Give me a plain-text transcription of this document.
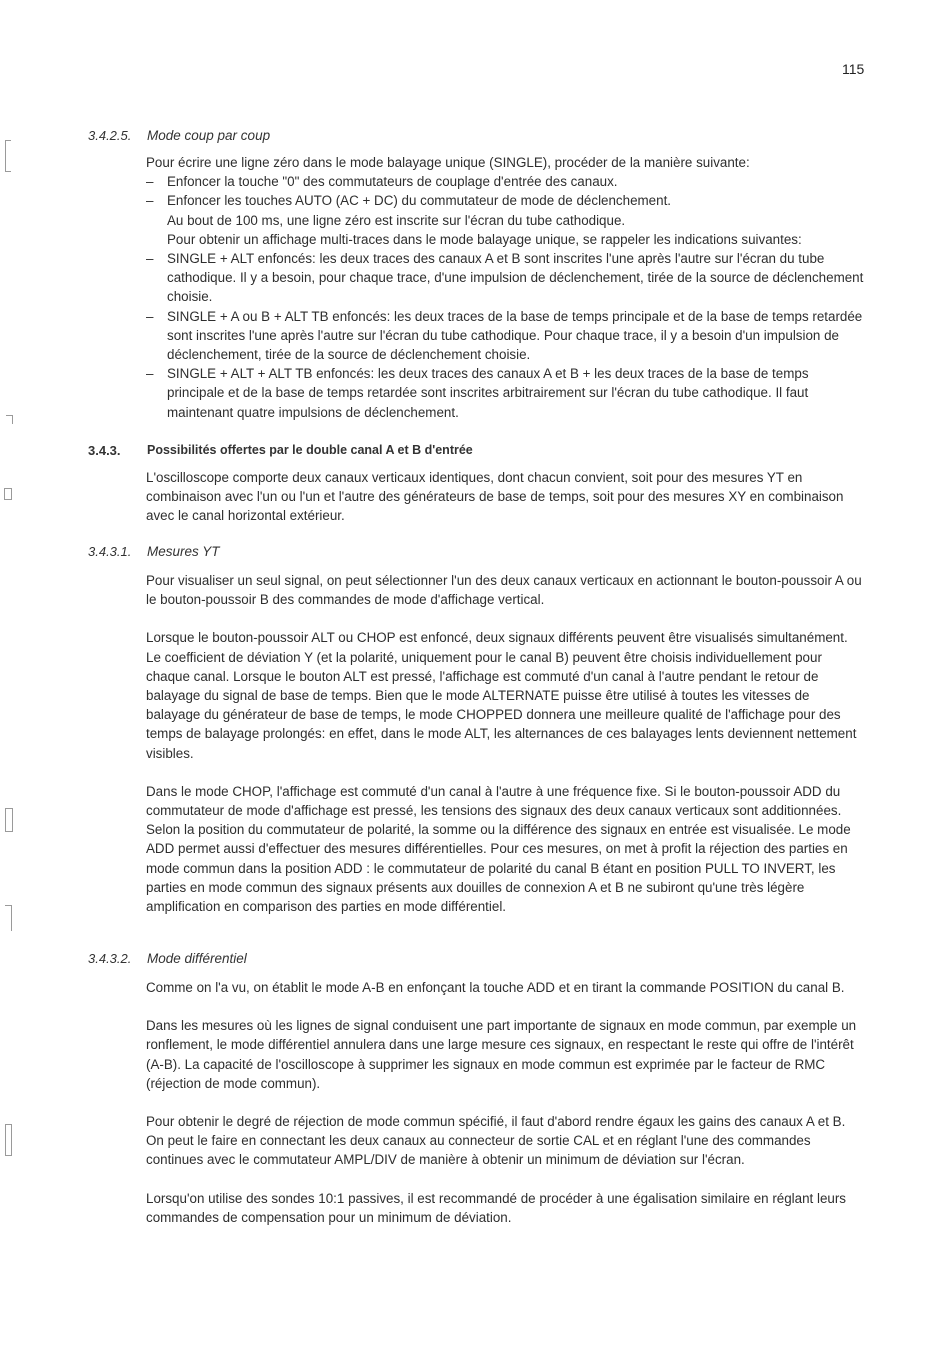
115
3.4.2.5. Mode coup par coup
Pour écrire une ligne zéro dans le mode balayage unique (SINGLE), procéder de la manière suivante:
– Enfoncer la touche "0" des commutateurs de couplage d'entrée des canaux.
– Enfoncer les touches AUTO (AC + DC) du commutateur de mode de déclenchement.
Au bout de 100 ms, une ligne zéro est inscrite sur l'écran du tube cathodique.
Pour obtenir un affichage multi-traces dans le mode balayage unique, se rappeler les indications suivantes:
– SINGLE + ALT enfoncés: les deux traces des canaux A et B sont inscrites l'une après l'autre sur l'écran du tube cathodique. Il y a besoin, pour chaque trace, d'une impulsion de déclenchement, tirée de la source de déclenchement choisie.
– SINGLE + A ou B + ALT TB enfoncés: les deux traces de la base de temps principale et de la base de temps retardée sont inscrites l'une après l'autre sur l'écran du tube cathodique. Pour chaque trace, il y a besoin d'un impulsion de déclenchement, tirée de la source de déclenchement choisie.
– SINGLE + ALT + ALT TB enfoncés: les deux traces des canaux A et B + les deux traces de la base de temps principale et de la base de temps retardée sont inscrites arbitrairement sur l'écran du tube cathodique. Il faut maintenant quatre impulsions de déclenchement.
3.4.3. Possibilités offertes par le double canal A et B d'entrée

L'oscilloscope comporte deux canaux verticaux identiques, dont chacun convient, soit pour des mesures YT en combinaison avec l'un ou l'un et l'autre des générateurs de base de temps, soit pour des mesures XY en combinaison avec le canal horizontal extérieur.

3.4.3.1. Mesures YT

Pour visualiser un seul signal, on peut sélectionner l'un des deux canaux verticaux en actionnant le bouton-poussoir A ou le bouton-poussoir B des commandes de mode d'affichage vertical.

Lorsque le bouton-poussoir ALT ou CHOP est enfoncé, deux signaux différents peuvent être visualisés simultanément. Le coefficient de déviation Y (et la polarité, uniquement pour le canal B) peuvent être choisis individuellement pour chaque canal. Lorsque le bouton ALT est pressé, l'affichage est commuté d'un canal à l'autre pendant le retour de balayage du signal de base de temps. Bien que le mode ALTERNATE puisse être utilisé à toutes les vitesses de balayage du générateur de base de temps, le mode CHOPPED donnera une meilleure qualité de l'affichage pour des temps de balayage prolongés: en effet, dans le mode ALT, les alternances de ces balayages lents deviennent nettement visibles.

Dans le mode CHOP, l'affichage est commuté d'un canal à l'autre à une fréquence fixe. Si le bouton-poussoir ADD du commutateur de mode d'affichage est pressé, les tensions des signaux des deux canaux verticaux sont additionnées. Selon la position du commutateur de polarité, la somme ou la différence des signaux en entrée est visualisée. Le mode ADD permet aussi d'effectuer des mesures différentielles. Pour ces mesures, on met à profit la réjection des parties en mode commun dans la position ADD : le commutateur de polarité du canal B étant en position PULL TO INVERT, les parties en mode commun des signaux présents aux douilles de connexion A et B ne subiront qu'une très légère amplification en comparison des parties en mode différentiel.

3.4.3.2. Mode différentiel

Comme on l'a vu, on établit le mode A-B en enfonçant la touche ADD et en tirant la commande POSITION du canal B.

Dans les mesures où les lignes de signal conduisent une part importante de signaux en mode commun, par exemple un ronflement, le mode différentiel annulera dans une large mesure ces signaux, en respectant le reste qui offre de l'intérêt (A-B). La capacité de l'oscilloscope à supprimer les signaux en mode commun est exprimée par le facteur de RMC (réjection de mode commun).

Pour obtenir le degré de réjection de mode commun spécifié, il faut d'abord rendre égaux les gains des canaux A et B. On peut le faire en connectant les deux canaux au connecteur de sortie CAL et en réglant l'une des commandes continues avec le commutateur AMPL/DIV de manière à obtenir un minimum de déviation sur l'écran.

Lorsqu'on utilise des sondes 10:1 passives, il est recommandé de procéder à une égalisation similaire en réglant leurs commandes de compensation pour un minimum de déviation.
